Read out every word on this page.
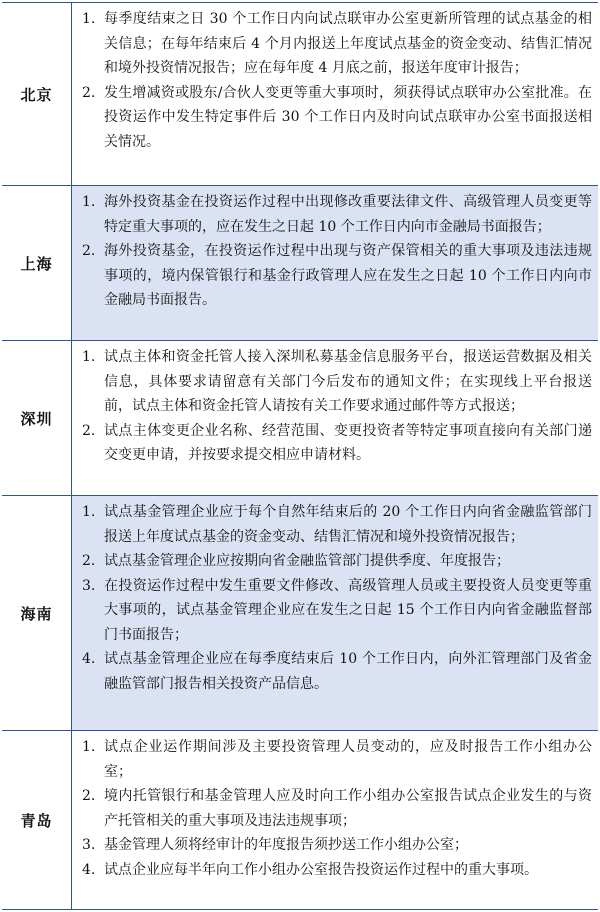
北京
1. 每季度结束之日 30 个工作日内向试点联审办公室更新所管理的试点基金的相关信息；在每年结束后 4 个月内报送上年度试点基金的资金变动、结售汇情况和境外投资情况报告；应在每年度 4 月底之前，报送年度审计报告；
2. 发生增减资或股东/合伙人变更等重大事项时，须获得试点联审办公室批准。在投资运作中发生特定事件后 30 个工作日内及时向试点联审办公室书面报送相关情况。
上海
1. 海外投资基金在投资运作过程中出现修改重要法律文件、高级管理人员变更等特定重大事项的，应在发生之日起 10 个工作日内向市金融局书面报告；
2. 海外投资基金，在投资运作过程中出现与资产保管相关的重大事项及违法违规事项的，境内保管银行和基金行政管理人应在发生之日起 10 个工作日内向市金融局书面报告。
深圳
1. 试点主体和资金托管人接入深圳私募基金信息服务平台，报送运营数据及相关信息，具体要求请留意有关部门今后发布的通知文件；在实现线上平台报送前，试点主体和资金托管人请按有关工作要求通过邮件等方式报送；
2. 试点主体变更企业名称、经营范围、变更投资者等特定事项直接向有关部门递交变更申请，并按要求提交相应申请材料。
海南
1. 试点基金管理企业应于每个自然年结束后的 20 个工作日内向省金融监管部门报送上年度试点基金的资金变动、结售汇情况和境外投资情况报告；
2. 试点基金管理企业应按期向省金融监管部门提供季度、年度报告；
3. 在投资运作过程中发生重要文件修改、高级管理人员或主要投资人员变更等重大事项的，试点基金管理企业应在发生之日起 15 个工作日内向省金融监督部门书面报告；
4. 试点基金管理企业应在每季度结束后 10 个工作日内，向外汇管理部门及省金融监管部门报告相关投资产品信息。
青岛
1. 试点企业运作期间涉及主要投资管理人员变动的，应及时报告工作小组办公室；
2. 境内托管银行和基金管理人应及时向工作小组办公室报告试点企业发生的与资产托管相关的重大事项及违法违规事项；
3. 基金管理人须将经审计的年度报告须抄送工作小组办公室；
4. 试点企业应每半年向工作小组办公室报告投资运作过程中的重大事项。
